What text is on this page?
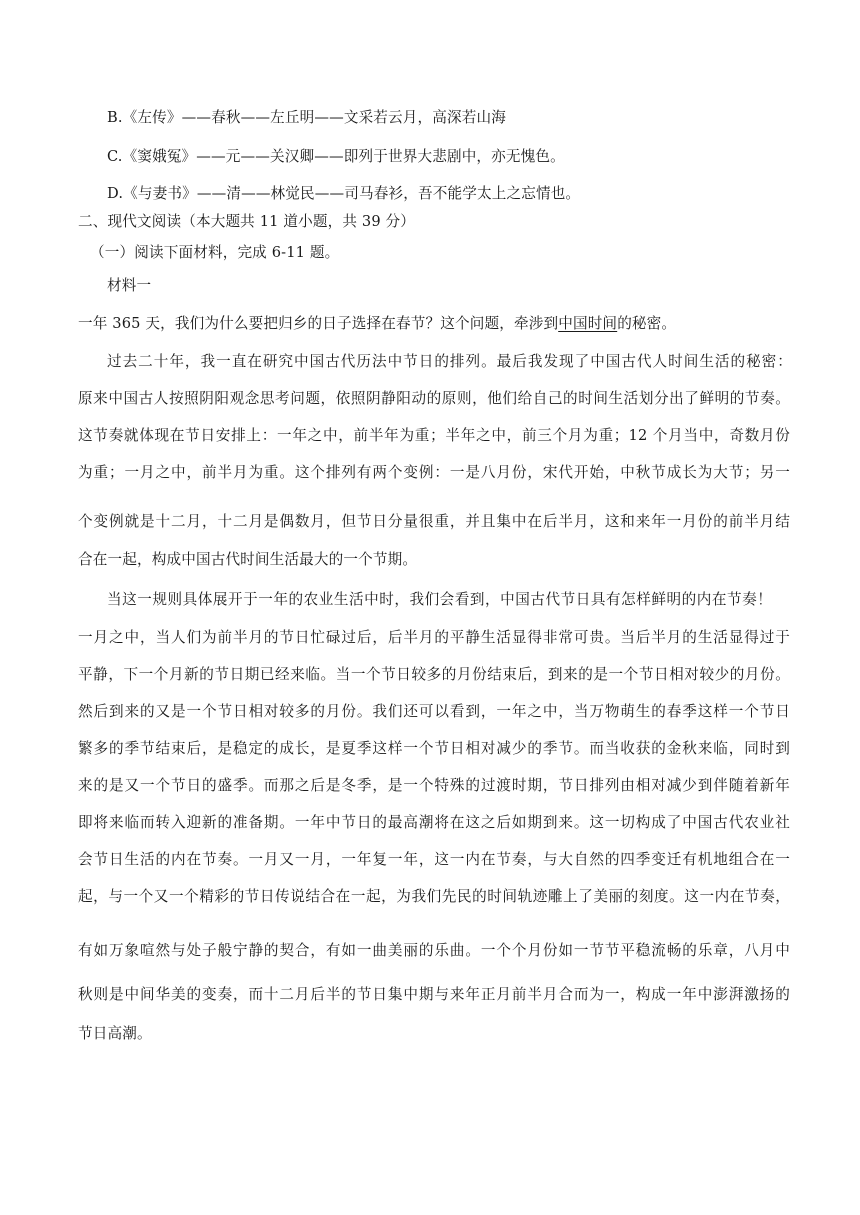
B.《左传》——春秋——左丘明——文采若云月，高深若山海
C.《窦娥冤》——元——关汉卿——即列于世界大悲剧中，亦无愧色。
D.《与妻书》——清——林觉民——司马春衫，吾不能学太上之忘情也。
二、现代文阅读（本大题共 11 道小题，共 39 分）
（一）阅读下面材料，完成 6-11 题。
材料一
一年 365 天，我们为什么要把归乡的日子选择在春节？这个问题，牵涉到中国时间的秘密。
过去二十年，我一直在研究中国古代历法中节日的排列。最后我发现了中国古代人时间生活的秘密：
原来中国古人按照阴阳观念思考问题，依照阴静阳动的原则，他们给自己的时间生活划分出了鲜明的节奏。
这节奏就体现在节日安排上：一年之中，前半年为重；半年之中，前三个月为重；12 个月当中，奇数月份
为重；一月之中，前半月为重。这个排列有两个变例：一是八月份，宋代开始，中秋节成长为大节；另一
个变例就是十二月，十二月是偶数月，但节日分量很重，并且集中在后半月，这和来年一月份的前半月结
合在一起，构成中国古代时间生活最大的一个节期。
当这一规则具体展开于一年的农业生活中时，我们会看到，中国古代节日具有怎样鲜明的内在节奏！
一月之中，当人们为前半月的节日忙碌过后，后半月的平静生活显得非常可贵。当后半月的生活显得过于
平静，下一个月新的节日期已经来临。当一个节日较多的月份结束后，到来的是一个节日相对较少的月份。
然后到来的又是一个节日相对较多的月份。我们还可以看到，一年之中，当万物萌生的春季这样一个节日
繁多的季节结束后，是稳定的成长，是夏季这样一个节日相对减少的季节。而当收获的金秋来临，同时到
来的是又一个节日的盛季。而那之后是冬季，是一个特殊的过渡时期，节日排列由相对减少到伴随着新年
即将来临而转入迎新的准备期。一年中节日的最高潮将在这之后如期到来。这一切构成了中国古代农业社
会节日生活的内在节奏。一月又一月，一年复一年，这一内在节奏，与大自然的四季变迁有机地组合在一
起，与一个又一个精彩的节日传说结合在一起，为我们先民的时间轨迹雕上了美丽的刻度。这一内在节奏，
有如万象喧然与处子般宁静的契合，有如一曲美丽的乐曲。一个个月份如一节节平稳流畅的乐章，八月中
秋则是中间华美的变奏，而十二月后半的节日集中期与来年正月前半月合而为一，构成一年中澎湃激扬的
节日高潮。
